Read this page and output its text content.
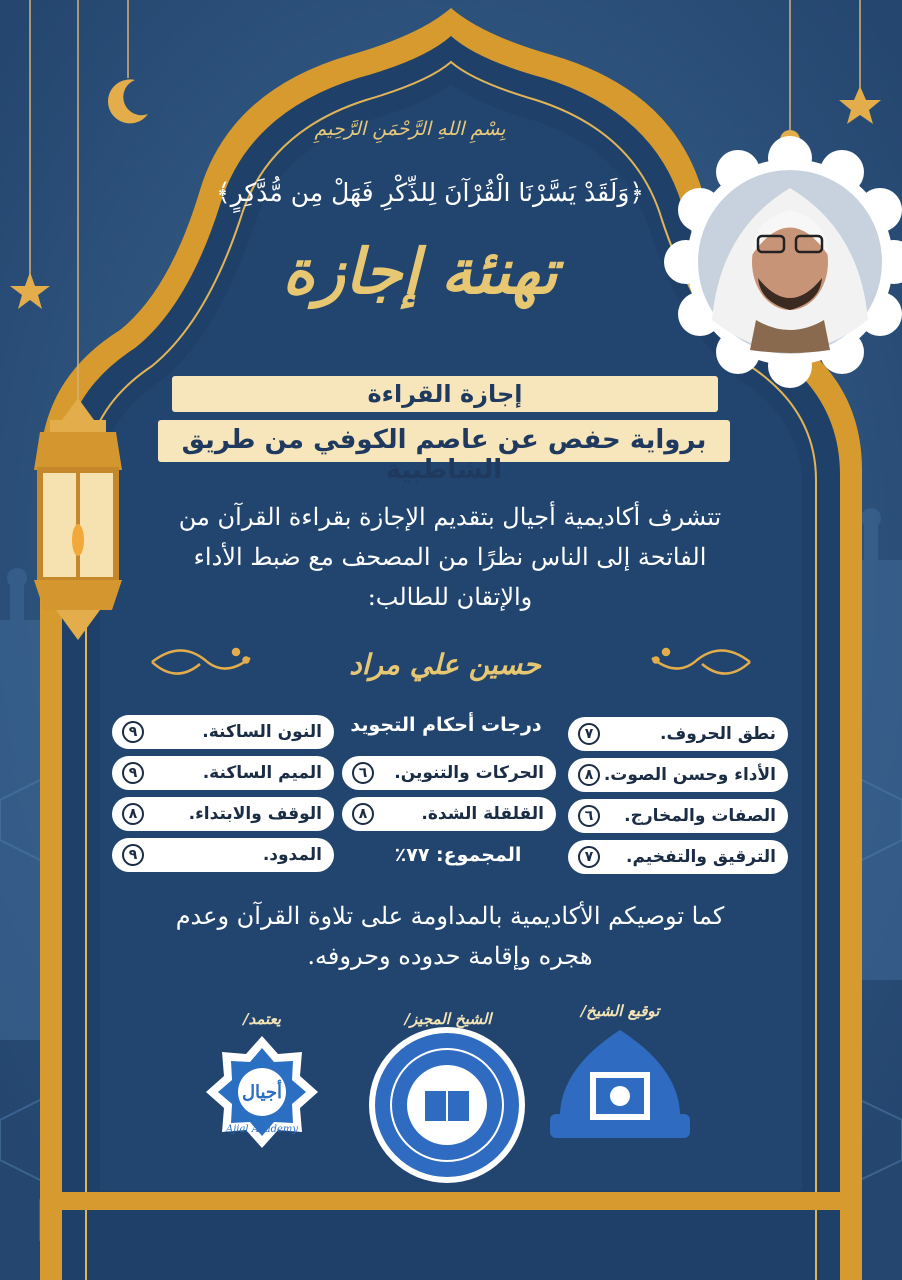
أجيال
بِسْمِ اللهِ الرَّحْمَنِ الرَّحِيمِ
﴿وَلَقَدْ يَسَّرْنَا الْقُرْآنَ لِلذِّكْرِ فَهَلْ مِن مُّدَّكِرٍ﴾
تهنئة إجازة
إجازة القراءة
برواية حفص عن عاصم الكوفي من طريق الشاطبية
تتشرف أكاديمية أجيال بتقديم الإجازة بقراءة القرآن من الفاتحة إلى الناس نظرًا من المصحف مع ضبط الأداء والإتقان للطالب:
حسين علي مراد
درجات أحكام التجويد
المجموع: ٧٧٪
نطق الحروف.
٧
الأداء وحسن الصوت.
٨
الصفات والمخارج.
٦
الترقيق والتفخيم.
٧
الحركات والتنوين.
٦
القلقلة الشدة.
٨
النون الساكنة.
٩
الميم الساكنة.
٩
الوقف والابتداء.
٨
المدود.
٩
كما توصيكم الأكاديمية بالمداومة على تلاوة القرآن وعدم هجره وإقامة حدوده وحروفه.
توقيع الشيخ/
الشيخ المجيز/
يعتمد/
Ajial Academy
